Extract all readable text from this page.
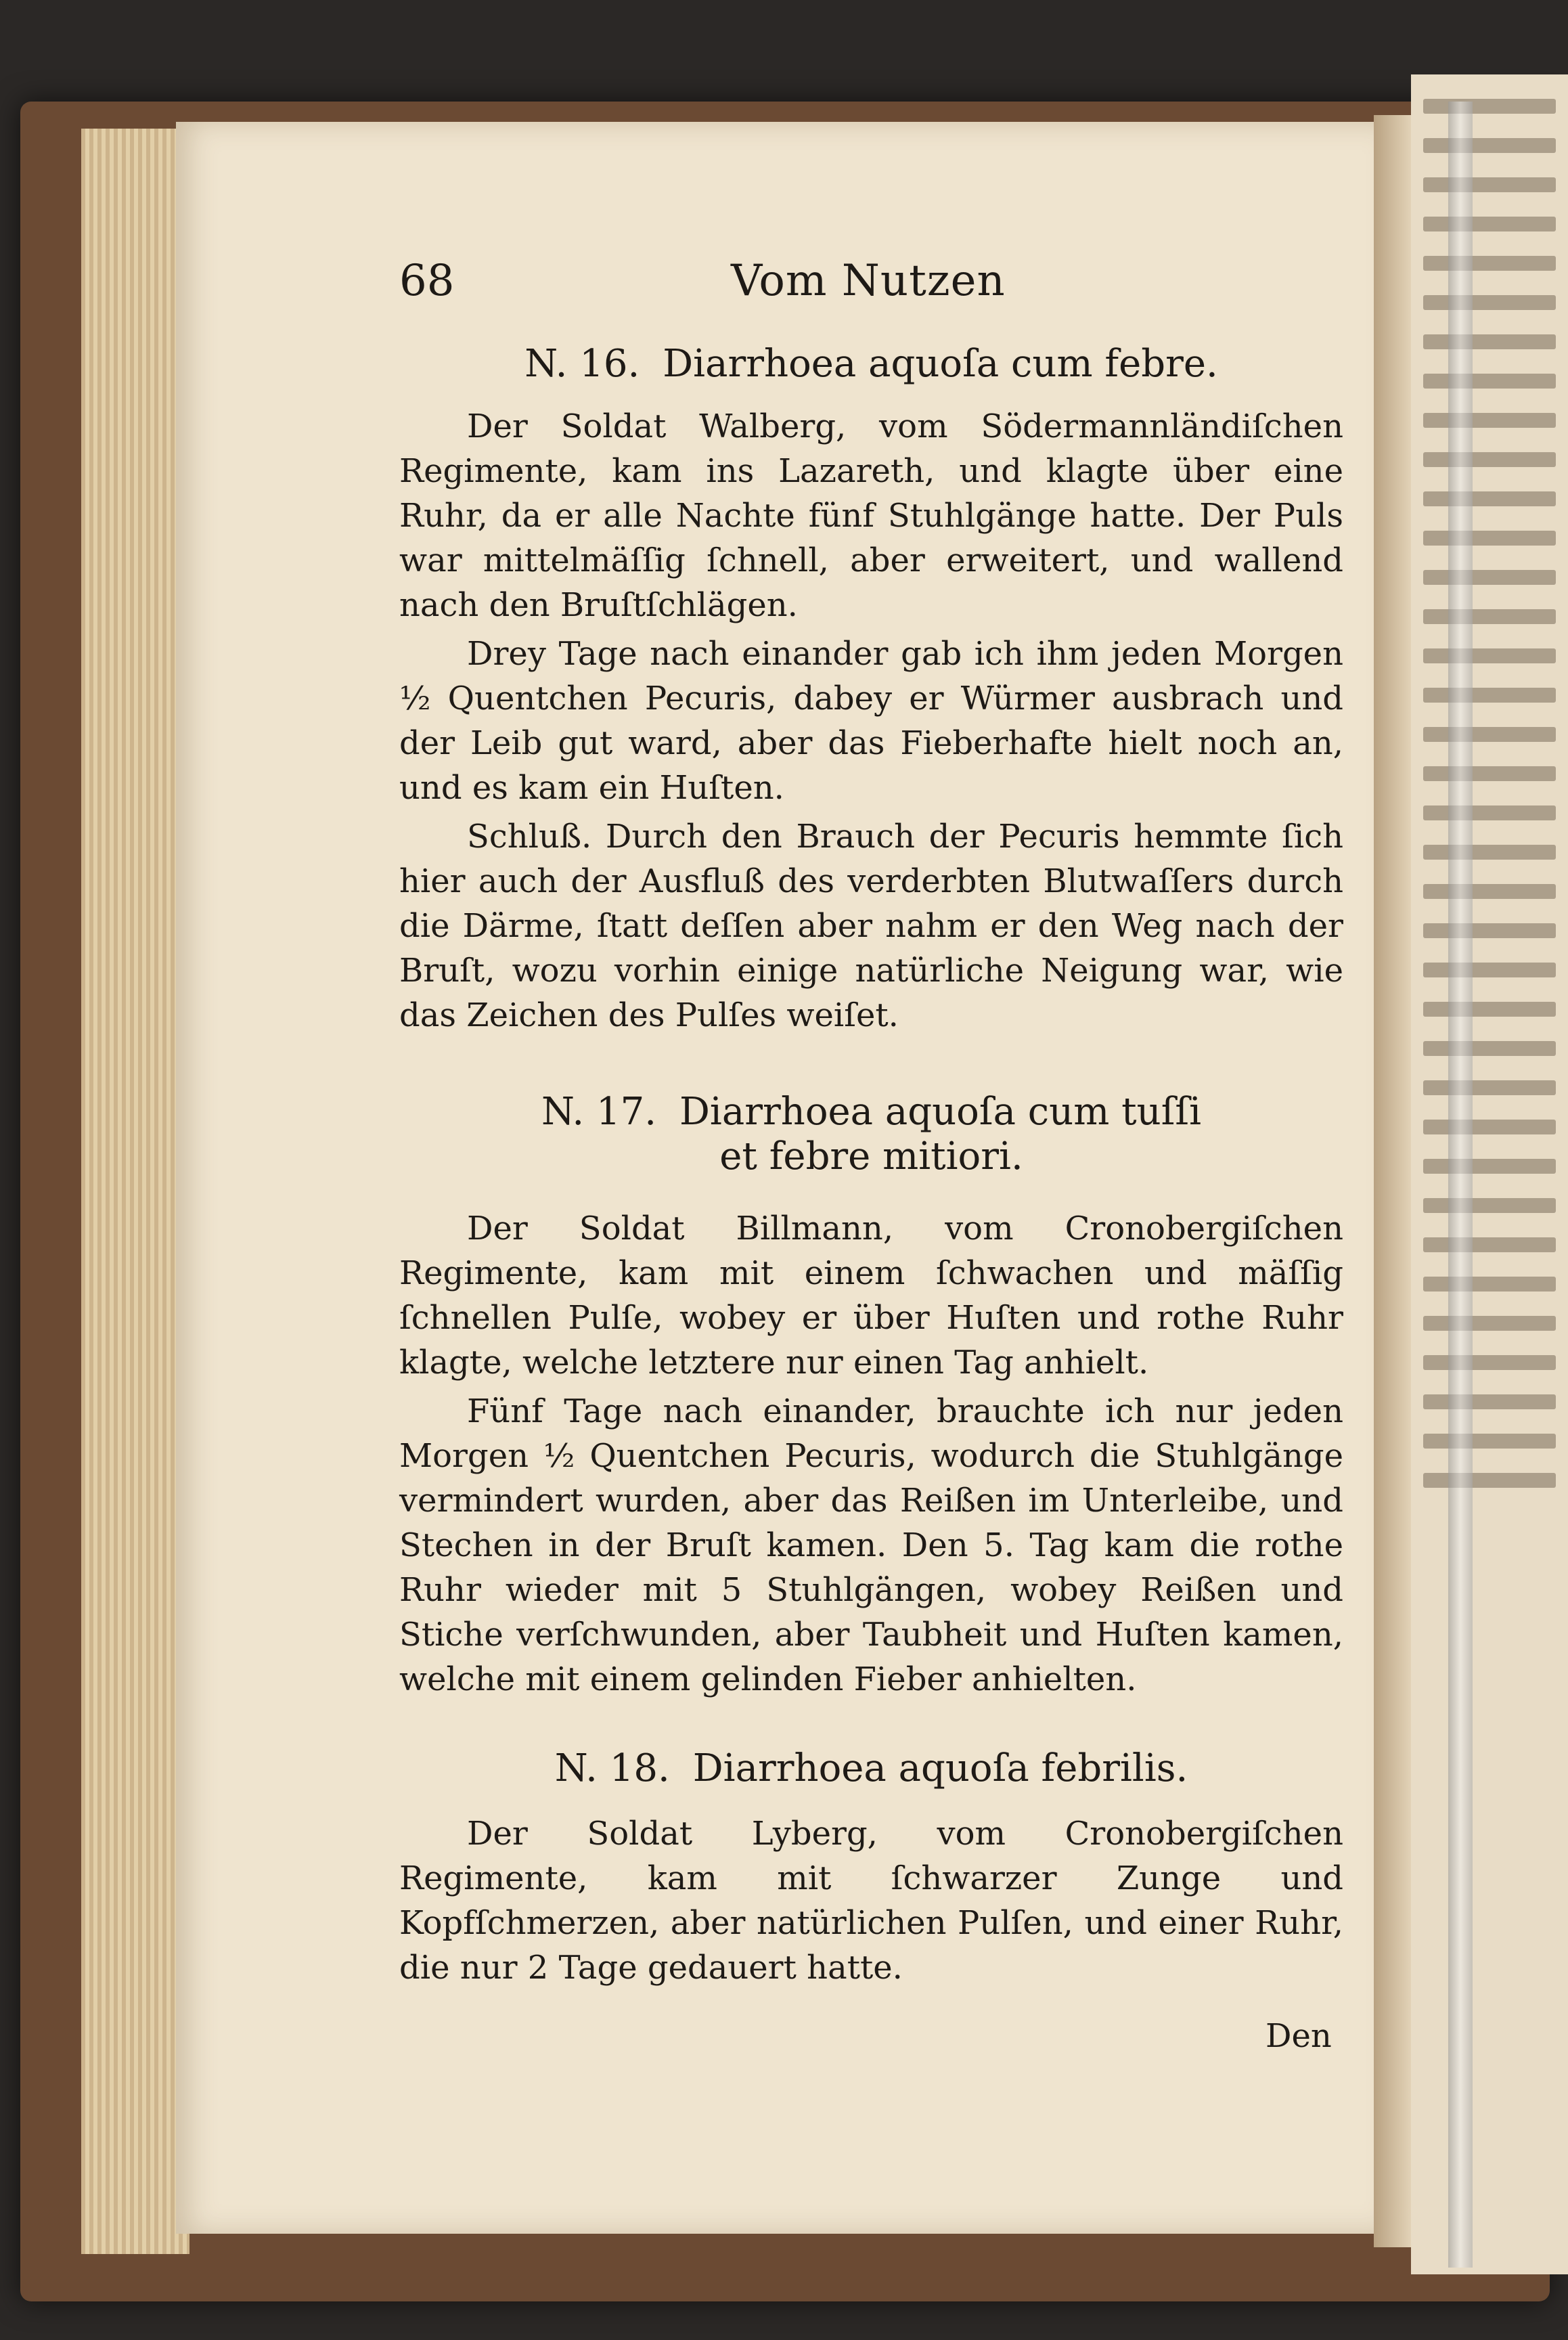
68	Vom Nutzen
N. 16. Diarrhoea aquoſa cum febre.

Der Soldat Walberg, vom Södermannländiſchen Regimente, kam ins Lazareth, und klagte über eine Ruhr, da er alle Nachte fünf Stuhlgänge hatte. Der Puls war mittelmäſſig ſchnell, aber erweitert, und wallend nach den Bruſtſchlägen.

Drey Tage nach einander gab ich ihm jeden Morgen ½ Quentchen Pecuris, dabey er Würmer ausbrach und der Leib gut ward, aber das Fieberhafte hielt noch an, und es kam ein Huſten.

Schluß. Durch den Brauch der Pecuris hemmte ſich hier auch der Ausfluß des verderbten Blutwaſſers durch die Därme, ſtatt deſſen aber nahm er den Weg nach der Bruſt, wozu vorhin einige natürliche Neigung war, wie das Zeichen des Pulſes weiſet.

N. 17. Diarrhoea aquoſa cum tuſſi et febre mitiori.

Der Soldat Billmann, vom Cronobergiſchen Regimente, kam mit einem ſchwachen und mäſſig ſchnellen Pulſe, wobey er über Huſten und rothe Ruhr klagte, welche letztere nur einen Tag anhielt.

Fünf Tage nach einander, brauchte ich nur jeden Morgen ½ Quentchen Pecuris, wodurch die Stuhlgänge vermindert wurden, aber das Reißen im Unterleibe, und Stechen in der Bruſt kamen. Den 5. Tag kam die rothe Ruhr wieder mit 5 Stuhlgängen, wobey Reißen und Stiche verſchwunden, aber Taubheit und Huſten kamen, welche mit einem gelinden Fieber anhielten.

N. 18. Diarrhoea aquoſa febrilis.

Der Soldat Lyberg, vom Cronobergiſchen Regimente, kam mit ſchwarzer Zunge und Kopfſchmerzen, aber natürlichen Pulſen, und einer Ruhr, die nur 2 Tage gedauert hatte.

Den
